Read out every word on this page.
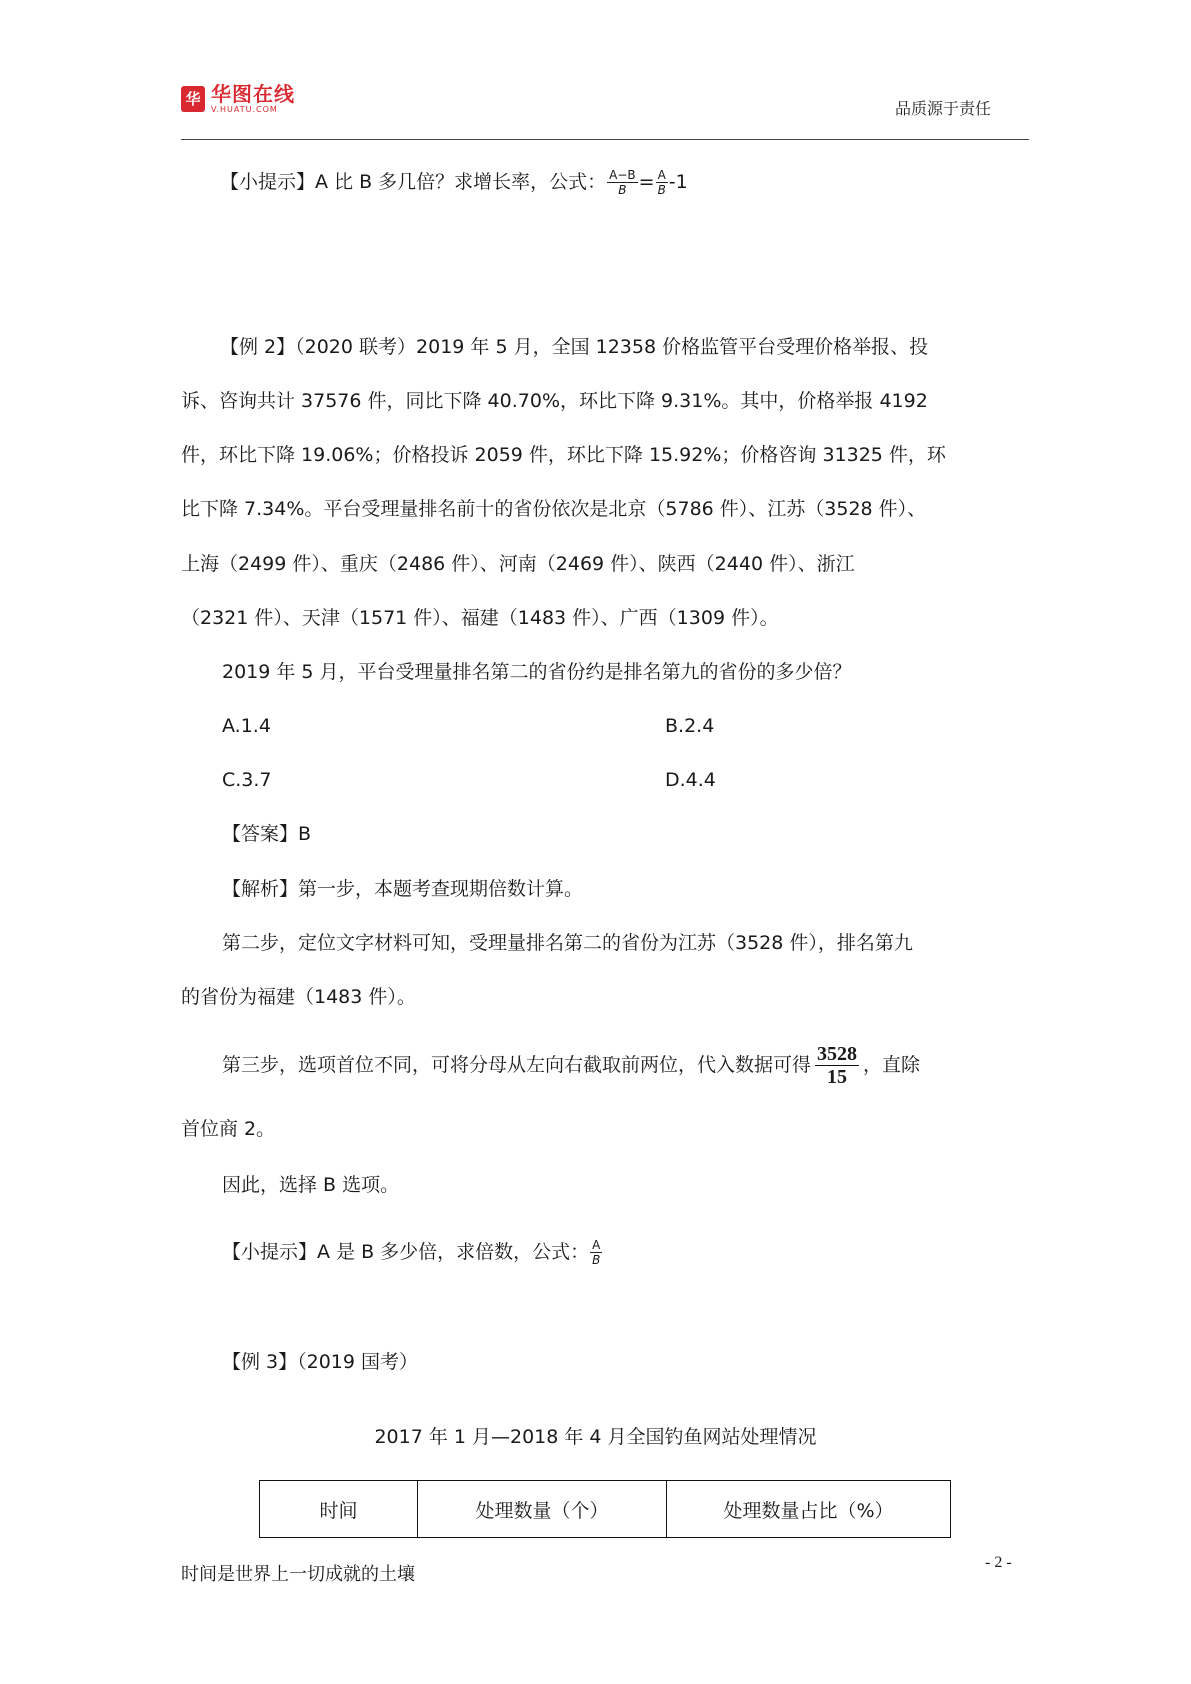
华 华图在线
V.HUATU.COM	品质源于责任
【小提示】A 比 B 多几倍？求增长率，公式： $\frac{A-B}{B} = \frac{A}{B} -1$
【例 2】（2020 联考）2019 年 5 月，全国 12358 价格监管平台受理价格举报、投
诉、咨询共计 37576 件，同比下降 40.70%，环比下降 9.31%。其中，价格举报 4192
件，环比下降 19.06%；价格投诉 2059 件，环比下降 15.92%；价格咨询 31325 件，环
比下降 7.34%。平台受理量排名前十的省份依次是北京（5786 件）、江苏（3528 件）、
上海（2499 件）、重庆（2486 件）、河南（2469 件）、陕西（2440 件）、浙江
（2321 件）、天津（1571 件）、福建（1483 件）、广西（1309 件）。
2019 年 5 月，平台受理量排名第二的省份约是排名第九的省份的多少倍？
A.1.4	B.2.4
C.3.7	D.4.4
【答案】B
【解析】第一步，本题考查现期倍数计算。
第二步，定位文字材料可知，受理量排名第二的省份为江苏（3528 件），排名第九
的省份为福建（1483 件）。
第三步，选项首位不同，可将分母从左向右截取前两位，代入数据可得 $\frac{3528}{15}$ ，直除
首位商 2。
因此，选择 B 选项。
【小提示】A 是 B 多少倍，求倍数，公式： $\frac{A}{B}$
【例 3】（2019 国考）
2017 年 1 月—2018 年 4 月全国钓鱼网站处理情况
时间	处理数量（个）	处理数量占比（%）
时间是世界上一切成就的土壤
- 2 -
